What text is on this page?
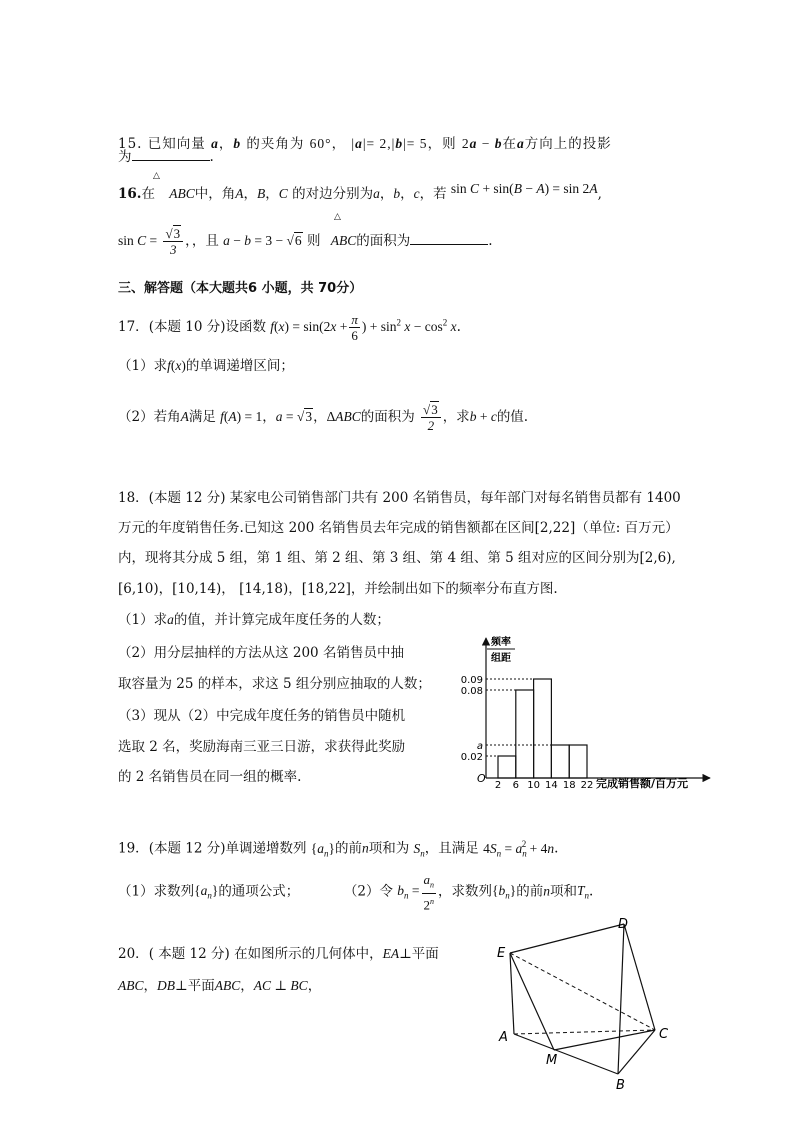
15. 已知向量 a，b 的夹角为 60°， |a|= 2,|b|= 5，则 2a − b在a方向上的投影
为	.
△
16.在 ABC中，角A，B，C 的对边分别为a，b，c，若 sin C + sin(B − A) = sin 2A,
△
$\sin C = \frac{√3}{3}$ ，，且 a − b = 3 − √6 则 ABC的面积为	.
三、解答题（本大题共6 小题，共 70分）
17．(本题 10 分)设函数 $f(x) = \sin(2x + \frac{\pi}{6}$ ) + $\sin^2 x - \cos^2 x$.
（1）求f(x)的单调递增区间；
（2）若角A满足 f(A) = 1，a = √3，ΔABC的面积为 $\frac{√3}{2}$ ，求b + c的值.
18．(本题 12 分) 某家电公司销售部门共有 200 名销售员，每年部门对每名销售员都有 1400
万元的年度销售任务.已知这 200 名销售员去年完成的销售额都在区间[2,22]（单位: 百万元）
内，现将其分成 5 组，第 1 组、第 2 组、第 3 组、第 4 组、第 5 组对应的区间分别为[2,6),
[6,10)，[10,14)， [14,18)，[18,22]，并绘制出如下的频率分布直方图.
（1）求a的值，并计算完成年度任务的人数；
（2）用分层抽样的方法从这 200 名销售员中抽
取容量为 25 的样本，求这 5 组分别应抽取的人数；
（3）现从（2）中完成年度任务的销售员中随机
选取 2 名，奖励海南三亚三日游，求获得此奖励
的 2 名销售员在同一组的概率.
0.09
0.08
a
0.02
2 6 10 14 18 22
频率
组距
O	完成销售额/百万元
19．(本题 12 分)单调递增数列 $\{a_n\}$的前n项和为 $S_n$，且满足 $4S_n = a_n^2 + 4n$.
（1）求数列$\{a_n\}$的通项公式；	（2）令 $b_n = \frac{a_n}{2^n}$ ，求数列$\{b_n\}$的前n项和$T_n$.
20．( 本题 12 分) 在如图所示的几何体中，EA⊥平面
ABC，DB⊥平面ABC，AC ⊥ BC，
E
D
A	C
M
B
